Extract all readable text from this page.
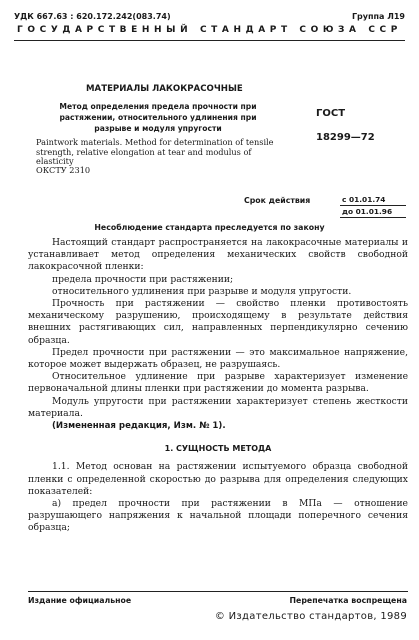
УДК 667.63 : 620.172.242(083.74)	Группа Л19
ГОСУДАРСТВЕННЫЙ СТАНДАРТ СОЮЗА ССР
МАТЕРИАЛЫ ЛАКОКРАСОЧНЫЕ
Метод определения предела прочности при растяжении, относительного удлинения при разрыве и модуля упругости
Paintwork materials. Method for determination of tensile strength, relative elongation at tear and modulus of elasticity
ОКСТУ 2310
ГОСТ
18299—72
Срок действия	с 01.01.74
до 01.01.96
Несоблюдение стандарта преследуется по закону

Настоящий стандарт распространяется на лакокрасочные материалы и устанавливает метод определения механических свойств свободной лакокрасочной пленки:

предела прочности при растяжении;

относительного удлинения при разрыве и модуля упругости.

Прочность при растяжении — свойство пленки противостоять механическому разрушению, происходящему в результате действия внешних растягивающих сил, направленных перпендикулярно сечению образца.

Предел прочности при растяжении — это максимальное напряжение, которое может выдержать образец, не разрушаясь.

Относительное удлинение при разрыве характеризует изменение первоначальной длины пленки при растяжении до момента разрыва.

Модуль упругости при растяжении характеризует степень жесткости материала.

(Измененная редакция, Изм. № 1).

1. СУЩНОСТЬ МЕТОДА

1.1. Метод основан на растяжении испытуемого образца свободной пленки с определенной скоростью до разрыва для определения следующих показателей:

а) предел прочности при растяжении в МПа — отношение разрушающего напряжения к начальной площади поперечного сечения образца;

Издание официальное	Перепечатка воспрещена
© Издательство стандартов, 1989
